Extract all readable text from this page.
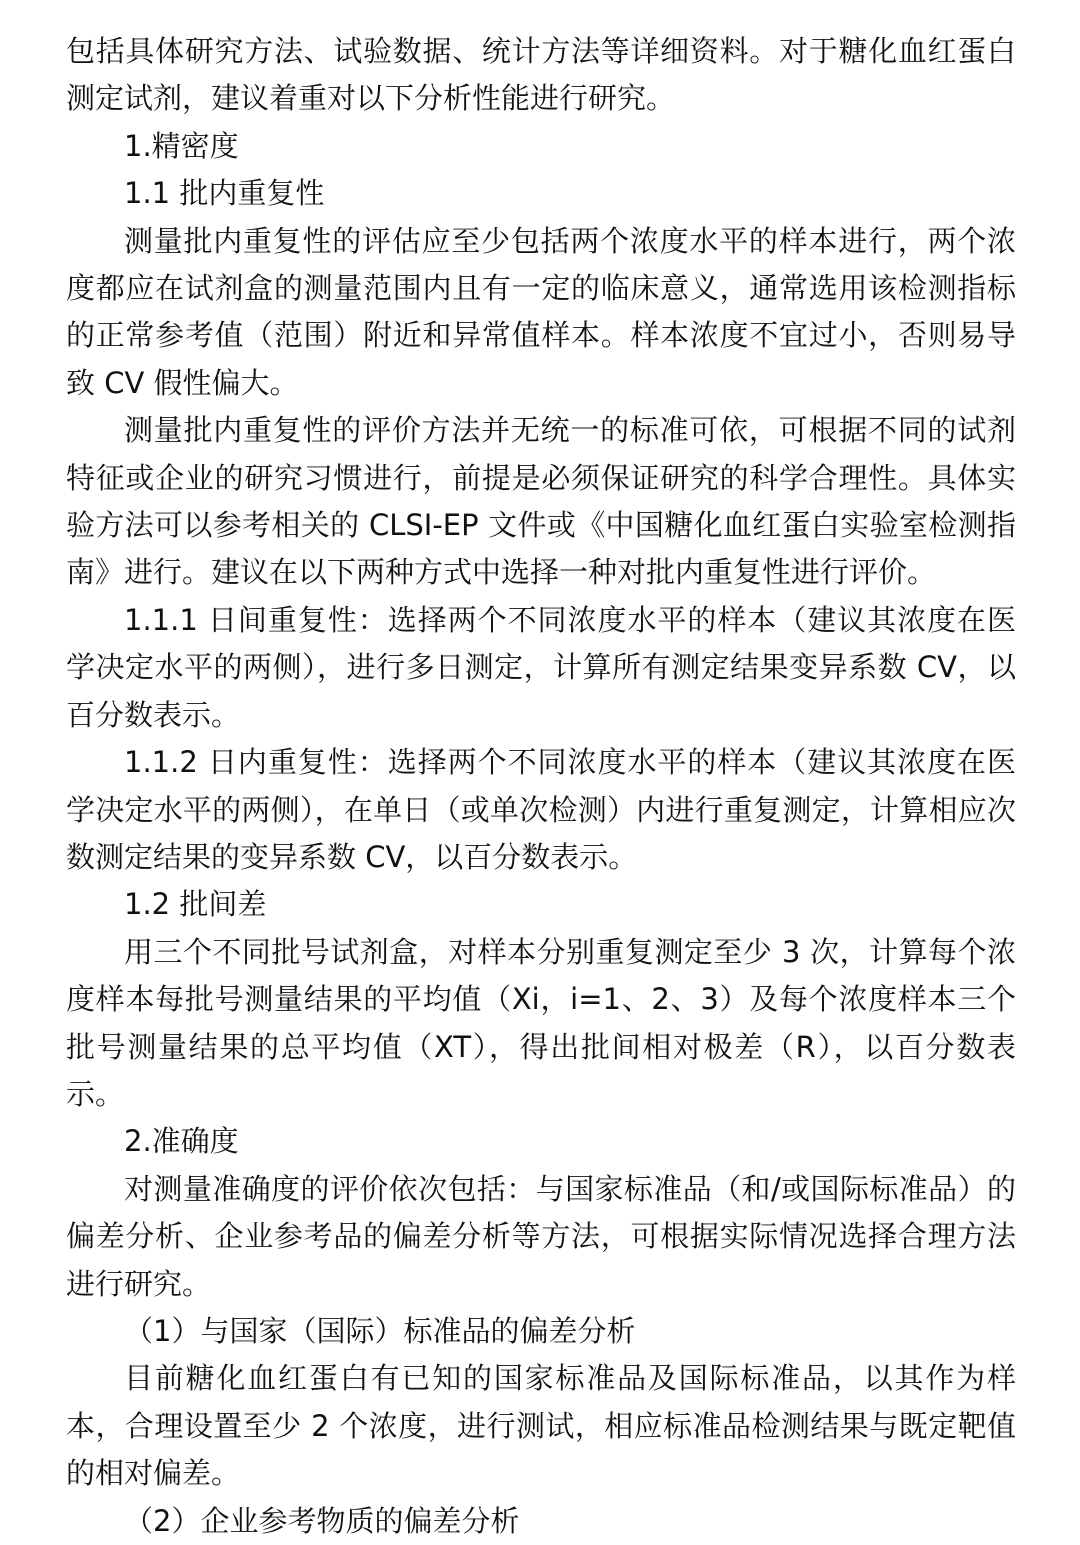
包括具体研究方法、试验数据、统计方法等详细资料。对于糖化血红蛋白测定试剂，建议着重对以下分析性能进行研究。

1.精密度

1.1 批内重复性

测量批内重复性的评估应至少包括两个浓度水平的样本进行，两个浓度都应在试剂盒的测量范围内且有一定的临床意义，通常选用该检测指标的正常参考值（范围）附近和异常值样本。样本浓度不宜过小，否则易导致 CV 假性偏大。

测量批内重复性的评价方法并无统一的标准可依，可根据不同的试剂特征或企业的研究习惯进行，前提是必须保证研究的科学合理性。具体实验方法可以参考相关的 CLSI-EP 文件或《中国糖化血红蛋白实验室检测指南》进行。建议在以下两种方式中选择一种对批内重复性进行评价。

1.1.1 日间重复性：选择两个不同浓度水平的样本（建议其浓度在医学决定水平的两侧），进行多日测定，计算所有测定结果变异系数 CV，以百分数表示。

1.1.2 日内重复性：选择两个不同浓度水平的样本（建议其浓度在医学决定水平的两侧），在单日（或单次检测）内进行重复测定，计算相应次数测定结果的变异系数 CV，以百分数表示。

1.2 批间差

用三个不同批号试剂盒，对样本分别重复测定至少 3 次，计算每个浓度样本每批号测量结果的平均值（Xi，i=1、2、3）及每个浓度样本三个批号测量结果的总平均值（XT），得出批间相对极差（R），以百分数表示。

2.准确度

对测量准确度的评价依次包括：与国家标准品（和/或国际标准品）的偏差分析、企业参考品的偏差分析等方法，可根据实际情况选择合理方法进行研究。

（1）与国家（国际）标准品的偏差分析

目前糖化血红蛋白有已知的国家标准品及国际标准品，以其作为样本，合理设置至少 2 个浓度，进行测试，相应标准品检测结果与既定靶值的相对偏差。

（2）企业参考物质的偏差分析
